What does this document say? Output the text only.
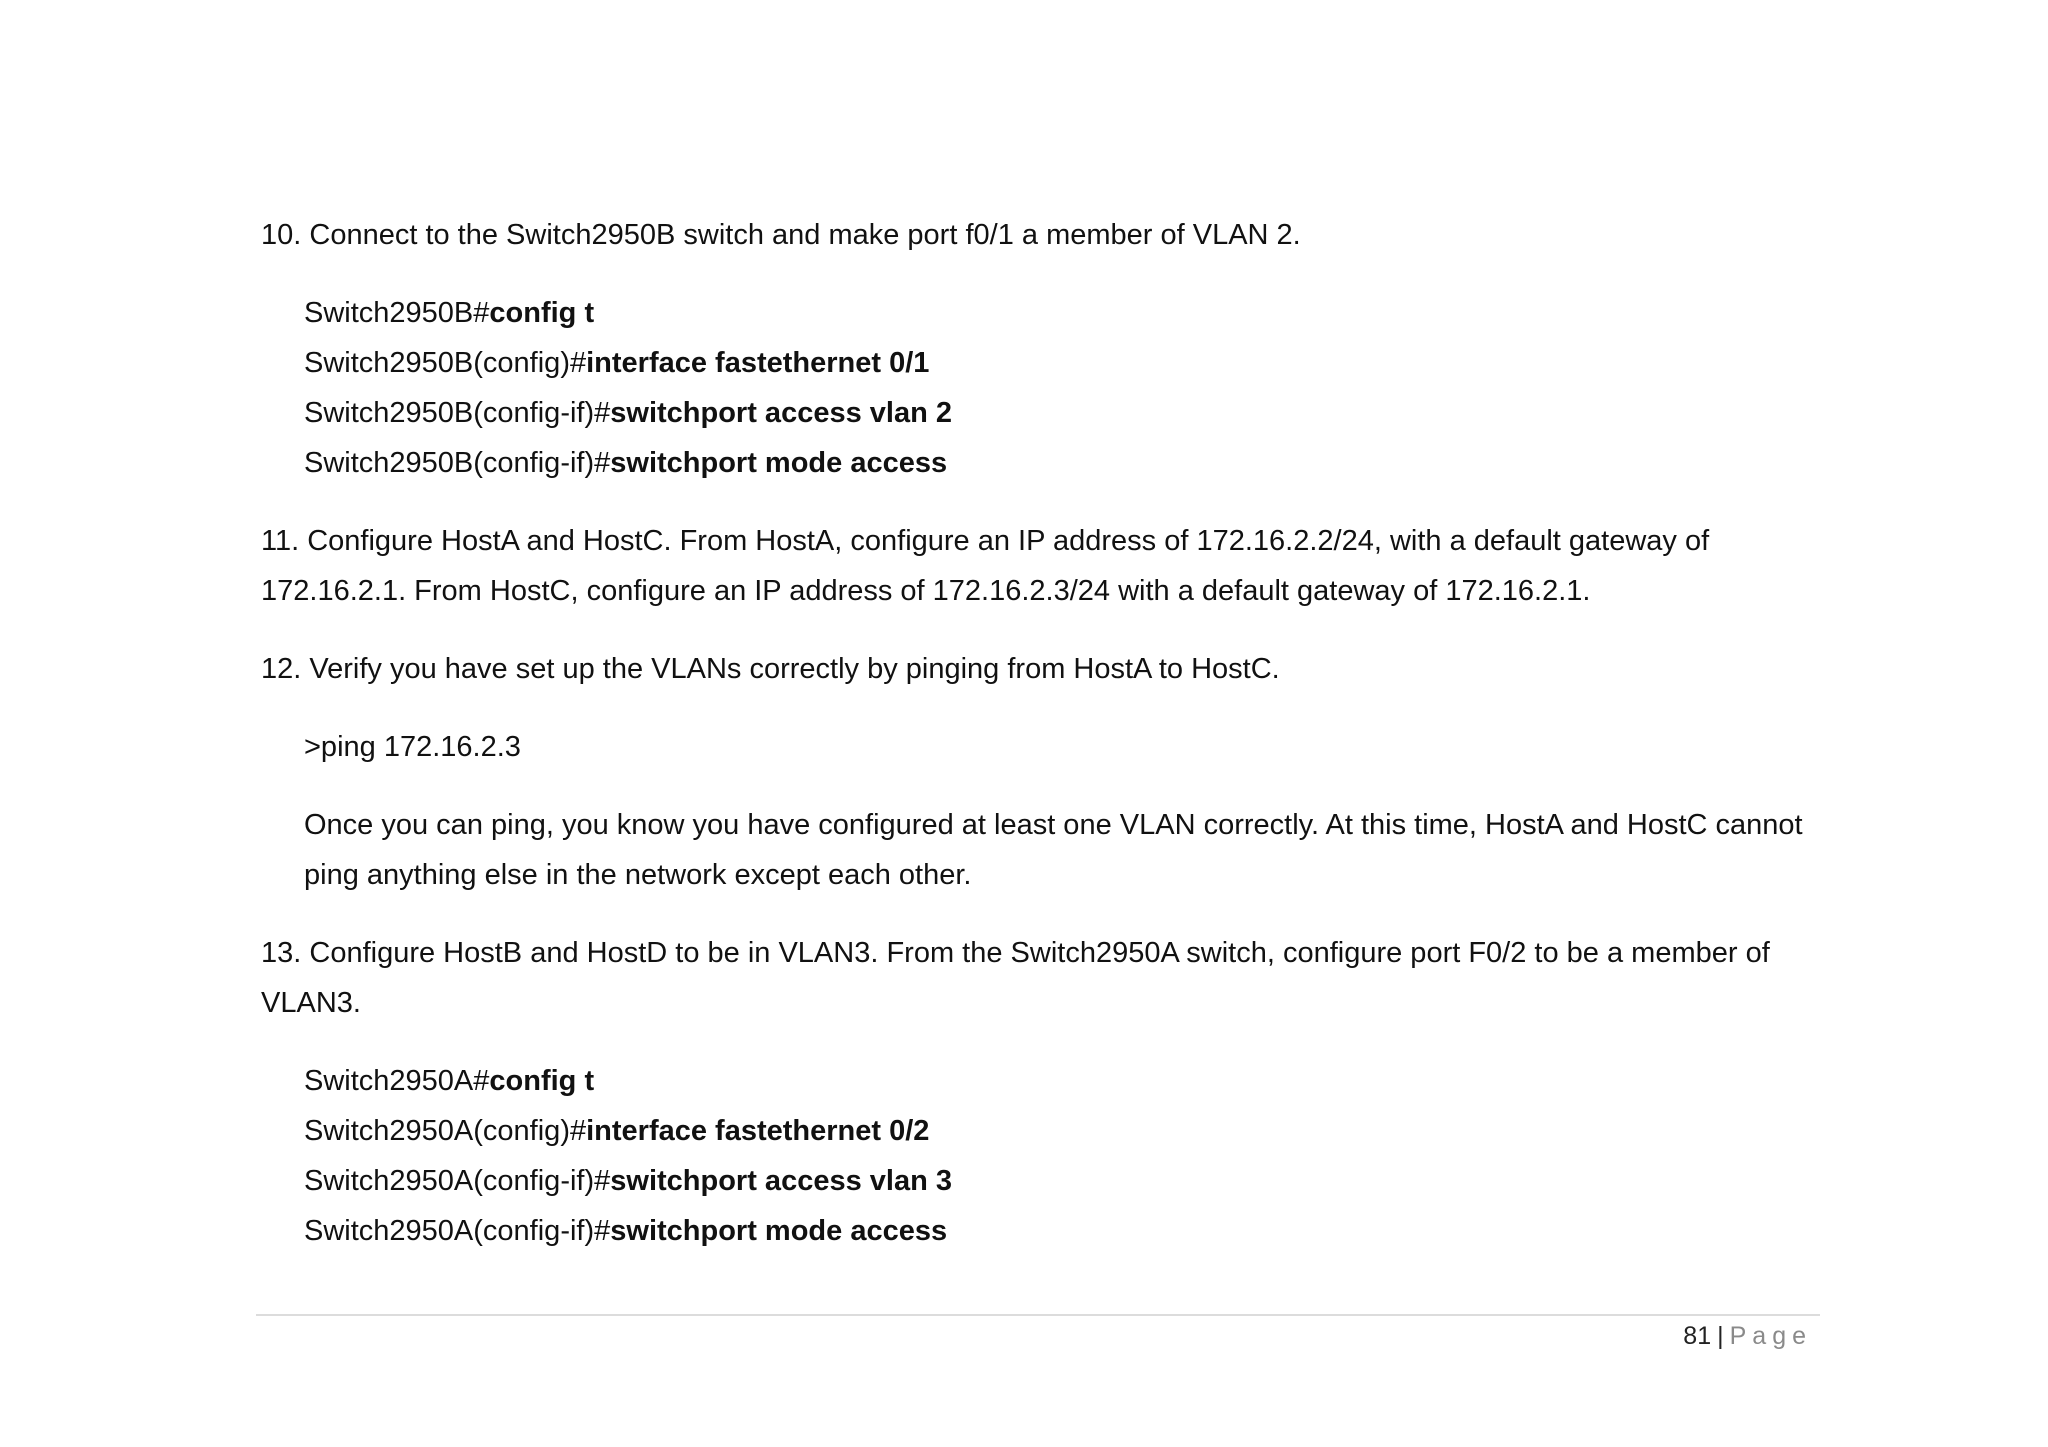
10. Connect to the Switch2950B switch and make port f0/1 a member of VLAN 2.

Switch2950B#config t
Switch2950B(config)#interface fastethernet 0/1
Switch2950B(config-if)#switchport access vlan 2
Switch2950B(config-if)#switchport mode access

11. Configure HostA and HostC. From HostA, configure an IP address of 172.16.2.2/24, with a default gateway of
172.16.2.1. From HostC, configure an IP address of 172.16.2.3/24 with a default gateway of 172.16.2.1.

12. Verify you have set up the VLANs correctly by pinging from HostA to HostC.

>ping 172.16.2.3

Once you can ping, you know you have configured at least one VLAN correctly. At this time, HostA and HostC cannot
ping anything else in the network except each other.

13. Configure HostB and HostD to be in VLAN3. From the Switch2950A switch, configure port F0/2 to be a member of
VLAN3.

Switch2950A#config t
Switch2950A(config)#interface fastethernet 0/2
Switch2950A(config-if)#switchport access vlan 3
Switch2950A(config-if)#switchport mode access
81 | Page
